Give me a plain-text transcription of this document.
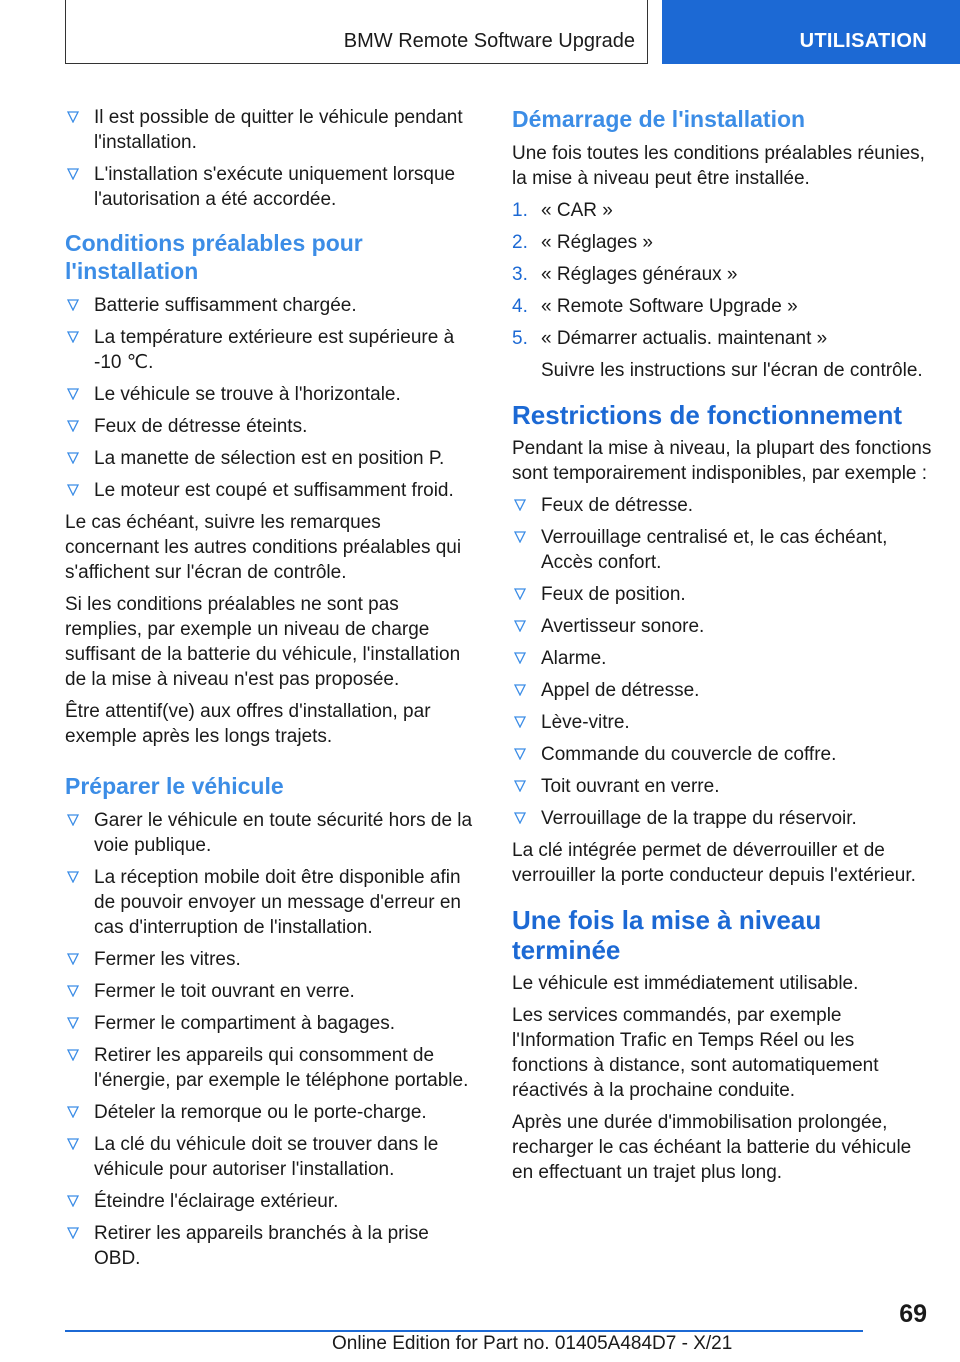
BMW Remote Software Upgrade	UTILISATION
Il est possible de quitter le véhicule pendant l'installation.
L'installation s'exécute uniquement lorsque l'autorisation a été accordée.
Conditions préalables pour l'installation
Batterie suffisamment chargée.
La température extérieure est supérieure à -10 ℃.
Le véhicule se trouve à l'horizontale.
Feux de détresse éteints.
La manette de sélection est en position P.
Le moteur est coupé et suffisamment froid.

Le cas échéant, suivre les remarques concernant les autres conditions préalables qui s'affichent sur l'écran de contrôle.

Si les conditions préalables ne sont pas remplies, par exemple un niveau de charge suffisant de la batterie du véhicule, l'installation de la mise à niveau n'est pas proposée.

Être attentif(ve) aux offres d'installation, par exemple après les longs trajets.

Préparer le véhicule
Garer le véhicule en toute sécurité hors de la voie publique.
La réception mobile doit être disponible afin de pouvoir envoyer un message d'erreur en cas d'interruption de l'installation.
Fermer les vitres.
Fermer le toit ouvrant en verre.
Fermer le compartiment à bagages.
Retirer les appareils qui consomment de l'énergie, par exemple le téléphone portable.
Dételer la remorque ou le porte-charge.
La clé du véhicule doit se trouver dans le véhicule pour autoriser l'installation.
Éteindre l'éclairage extérieur.
Retirer les appareils branchés à la prise OBD.
Démarrage de l'installation

Une fois toutes les conditions préalables réunies, la mise à niveau peut être installée.

1. « CAR »
2. « Réglages »
3. « Réglages généraux »
4. « Remote Software Upgrade »
5. « Démarrer actualis. maintenant »

Suivre les instructions sur l'écran de contrôle.

Restrictions de fonctionnement

Pendant la mise à niveau, la plupart des fonctions sont temporairement indisponibles, par exemple :

Feux de détresse.
Verrouillage centralisé et, le cas échéant, Accès confort.
Feux de position.
Avertisseur sonore.
Alarme.
Appel de détresse.
Lève-vitre.
Commande du couvercle de coffre.
Toit ouvrant en verre.
Verrouillage de la trappe du réservoir.

La clé intégrée permet de déverrouiller et de verrouiller la porte conducteur depuis l'extérieur.

Une fois la mise à niveau terminée

Le véhicule est immédiatement utilisable.

Les services commandés, par exemple l'Information Trafic en Temps Réel ou les fonctions à distance, sont automatiquement réactivés à la prochaine conduite.

Après une durée d'immobilisation prolongée, recharger le cas échéant la batterie du véhicule en effectuant un trajet plus long.

69
Online Edition for Part no. 01405A484D7 - X/21
